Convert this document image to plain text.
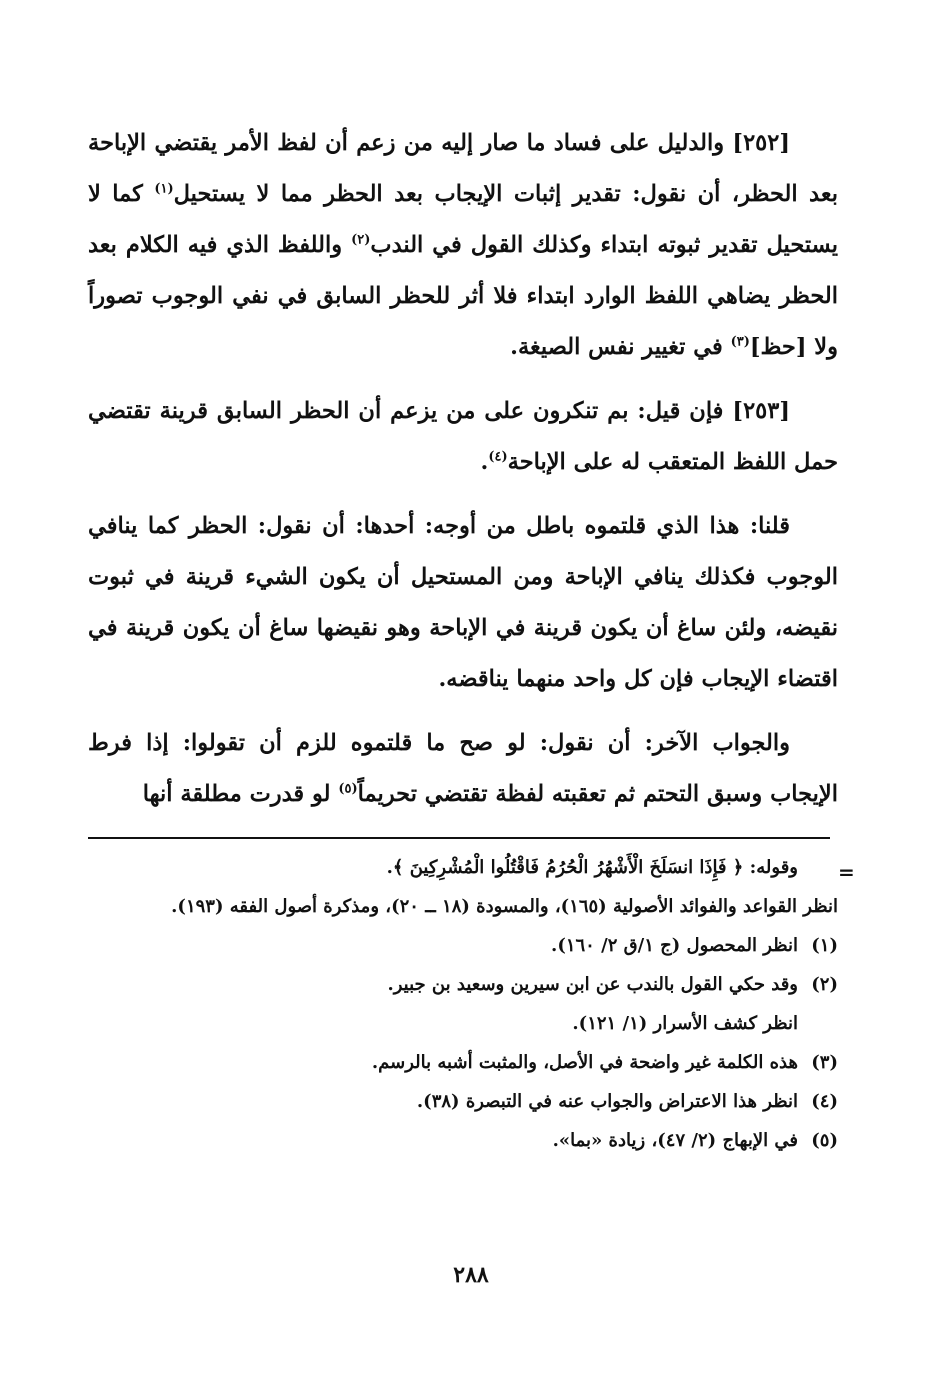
[٢٥٢] والدليل على فساد ما صار إليه من زعم أن لفظ الأمر يقتضي الإباحة بعد الحظر، أن نقول: تقدير إثبات الإيجاب بعد الحظر مما لا يستحيل$^{(١)}$ كما لا يستحيل تقدير ثبوته ابتداء وكذلك القول في الندب$^{(٢)}$ واللفظ الذي فيه الكلام بعد الحظر يضاهي اللفظ الوارد ابتداء فلا أثر للحظر السابق في نفي الوجوب تصوراً ولا [حظ]$^{(٣)}$ في تغيير نفس الصيغة.

[٢٥٣] فإن قيل: بم تنكرون على من يزعم أن الحظر السابق قرينة تقتضي حمل اللفظ المتعقب له على الإباحة$^{(٤)}$.

قلنا: هذا الذي قلتموه باطل من أوجه: أحدها: أن نقول: الحظر كما ينافي الوجوب فكذلك ينافي الإباحة ومن المستحيل أن يكون الشيء قرينة في ثبوت نقيضه، ولئن ساغ أن يكون قرينة في الإباحة وهو نقيضها ساغ أن يكون قرينة في اقتضاء الإيجاب فإن كل واحد منهما يناقضه.

والجواب الآخر: أن نقول: لو صح ما قلتموه للزم أن تقولوا: إذا فرط الإيجاب وسبق التحتم ثم تعقبته لفظة تقتضي تحريماً$^{(٥)}$ لو قدرت مطلقة أنها

=
وقوله: ﴿ فَإِذَا انسَلَخَ الْأَشْهُرُ الْحُرُمُ فَاقْتُلُوا الْمُشْرِكِينَ ﴾.
انظر القواعد والفوائد الأصولية (١٦٥)، والمسودة (١٨ ــ ٢٠)، ومذكرة أصول الفقه (١٩٣).
(١)انظر المحصول (ج ١/ق ٢/ ١٦٠).
(٢)وقد حكي القول بالندب عن ابن سيرين وسعيد بن جبير.
انظر كشف الأسرار (١/ ١٢١).
(٣)هذه الكلمة غير واضحة في الأصل، والمثبت أشبه بالرسم.
(٤)انظر هذا الاعتراض والجواب عنه في التبصرة (٣٨).
(٥)في الإبهاج (٢/ ٤٧)، زيادة «بما».
٢٨٨
